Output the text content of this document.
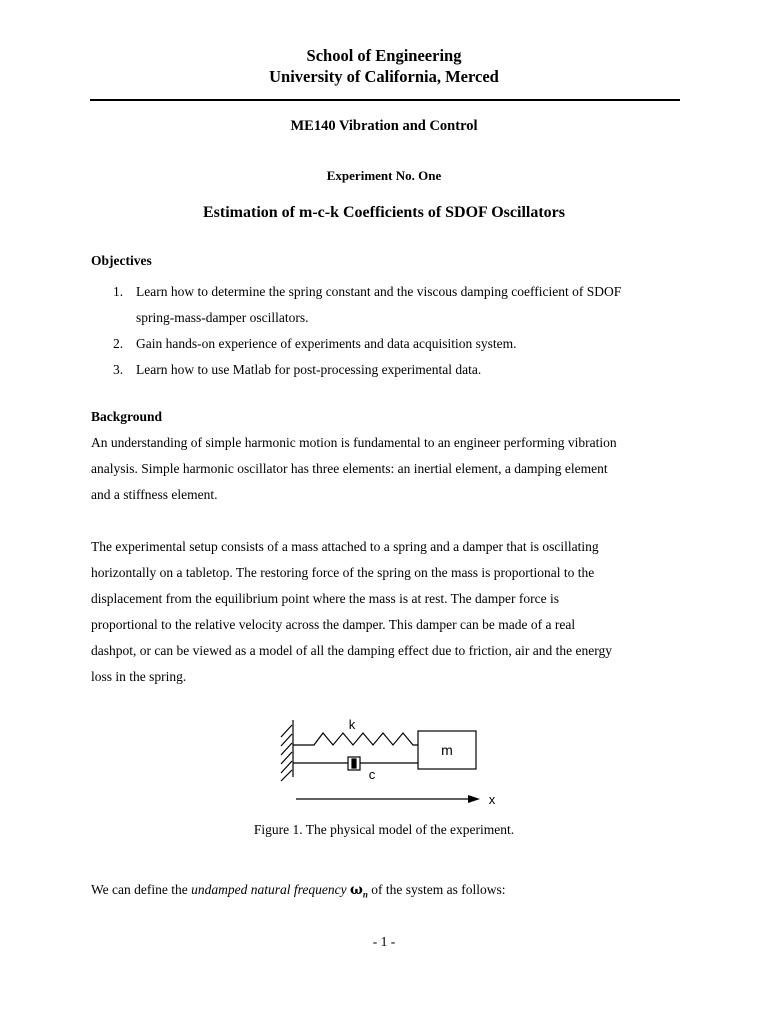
School of Engineering
University of California, Merced
ME140 Vibration and Control
Experiment No. One
Estimation of m-c-k Coefficients of SDOF Oscillators
Objectives
1. Learn how to determine the spring constant and the viscous damping coefficient of SDOF
spring-mass-damper oscillators.
2. Gain hands-on experience of experiments and data acquisition system.
3. Learn how to use Matlab for post-processing experimental data.
Background
An understanding of simple harmonic motion is fundamental to an engineer performing vibration
analysis. Simple harmonic oscillator has three elements: an inertial element, a damping element
and a stiffness element.
The experimental setup consists of a mass attached to a spring and a damper that is oscillating
horizontally on a tabletop. The restoring force of the spring on the mass is proportional to the
displacement from the equilibrium point where the mass is at rest. The damper force is
proportional to the relative velocity across the damper. This damper can be made of a real
dashpot, or can be viewed as a model of all the damping effect due to friction, air and the energy
loss in the spring.
k
c
m
x
Figure 1. The physical model of the experiment.
We can define the undamped natural frequency $\omega_n$ of the system as follows:
- 1 -
